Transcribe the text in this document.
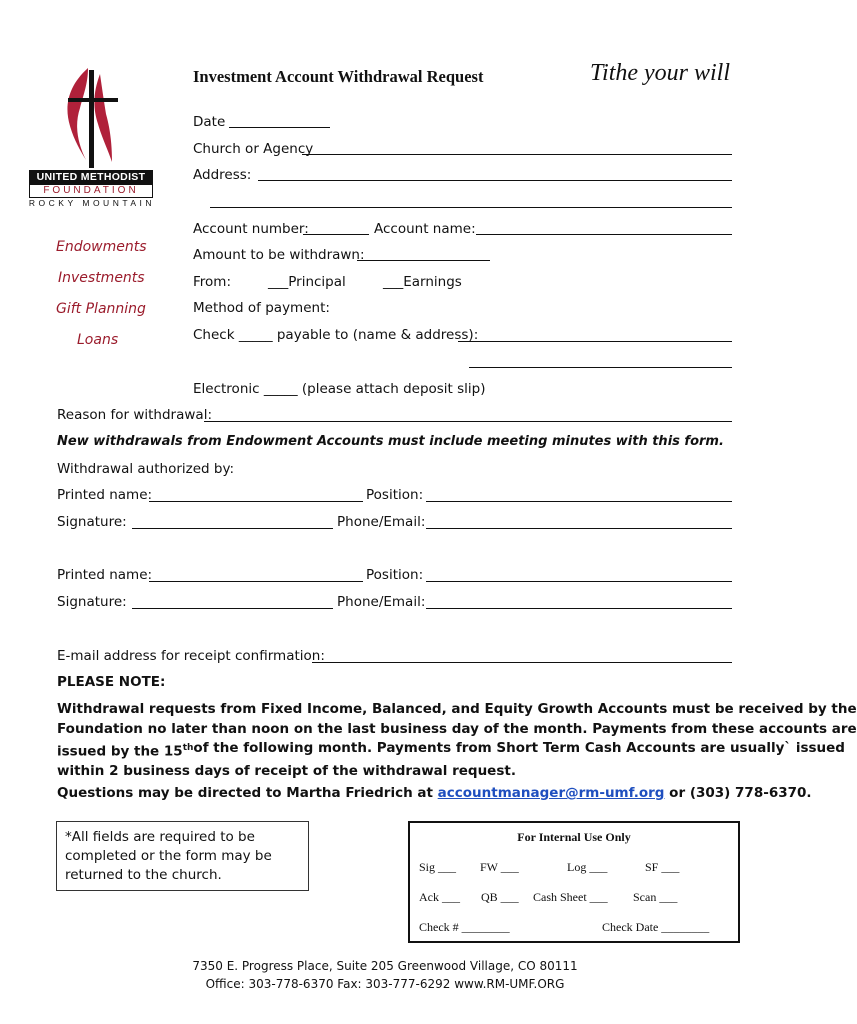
UNITED METHODIST
FOUNDATION
ROCKY MOUNTAIN
Endowments
Investments
Gift Planning
Loans
Investment Account Withdrawal Request	Tithe your will
Date
Church or Agency
Address:
Account number:	Account name:
Amount to be withdrawn:
From:	___Principal	___Earnings
Method of payment:
Check _____ payable to (name & address):
Electronic _____ (please attach deposit slip)
Reason for withdrawal:
New withdrawals from Endowment Accounts must include meeting minutes with this form.
Withdrawal authorized by:
Printed name:	Position:
Signature:	Phone/Email:
Printed name:	Position:
Signature:	Phone/Email:
E-mail address for receipt confirmation:
PLEASE NOTE:
Withdrawal requests from Fixed Income, Balanced, and Equity Growth Accounts must be received by the
Foundation no later than noon on the last business day of the month. Payments from these accounts are
issued by the 15th of the following month. Payments from Short Term Cash Accounts are usually` issued
within 2 business days of receipt of the withdrawal request.
Questions may be directed to Martha Friedrich at accountmanager@rm-umf.org or (303) 778-6370.
*All fields are required to be
completed or the form may be
returned to the church.
For Internal Use Only
Sig ___ FW ___	Log ___	SF ___
Ack ___ QB ___ Cash Sheet ___ Scan ___
Check # ________	Check Date ________
7350 E. Progress Place, Suite 205 Greenwood Village, CO 80111
Office: 303-778-6370 Fax: 303-777-6292 www.RM-UMF.ORG
